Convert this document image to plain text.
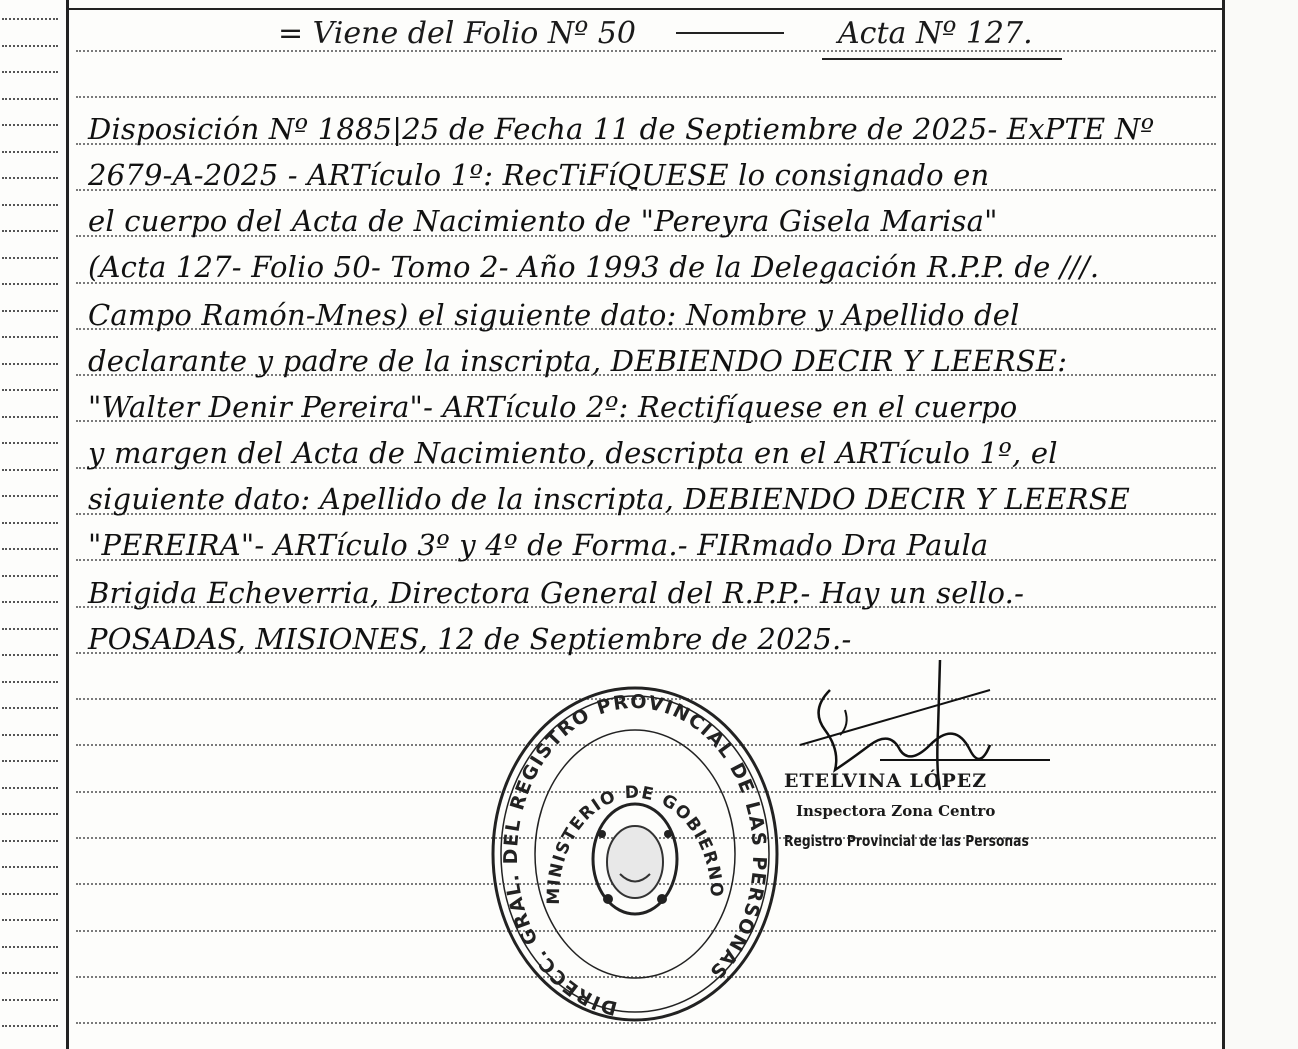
= Viene del Folio Nº 50	Acta Nº 127.
Disposición Nº 1885|25 de Fecha 11 de Septiembre de 2025- ExPTE Nº
2679-A-2025 - ARTículo 1º: RecTiFíQUESE lo consignado en
el cuerpo del Acta de Nacimiento de "Pereyra Gisela Marisa"
(Acta 127- Folio 50- Tomo 2- Año 1993 de la Delegación R.P.P. de ///.
Campo Ramón-Mnes) el siguiente dato: Nombre y Apellido del
declarante y padre de la inscripta, DEBIENDO DECIR Y LEERSE:
"Walter Denir Pereira"- ARTículo 2º: Rectifíquese en el cuerpo
y margen del Acta de Nacimiento, descripta en el ARTículo 1º, el
siguiente dato: Apellido de la inscripta, DEBIENDO DECIR Y LEERSE
"PEREIRA"- ARTículo 3º y 4º de Forma.- FIRmado Dra Paula
Brigida Echeverria, Directora General del R.P.P.- Hay un sello.-
POSADAS, MISIONES, 12 de Septiembre de 2025.-
DIRECC. GRAL. DEL REGISTRO PROVINCIAL DE LAS PERSONAS
MINISTERIO DE GOBIERNO
ETELVINA LÓPEZ
Inspectora Zona Centro
Registro Provincial de las Personas
